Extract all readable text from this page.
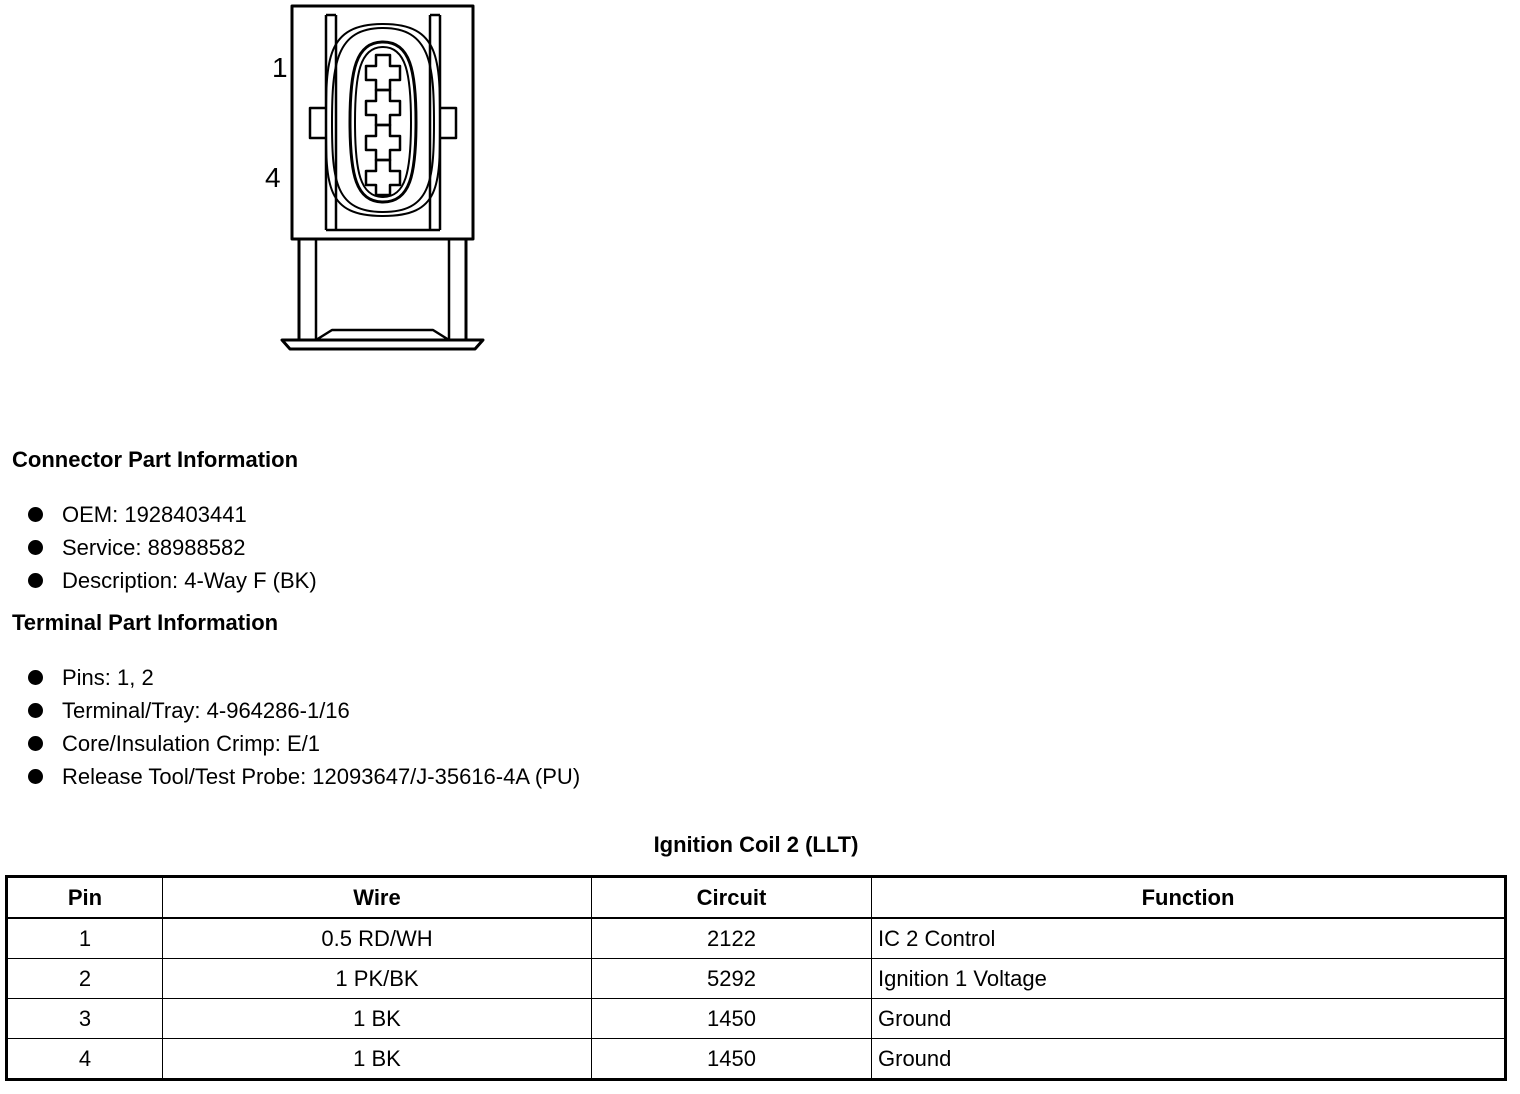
1
4
Connector Part Information
OEM: 1928403441
Service: 88988582
Description: 4-Way F (BK)
Terminal Part Information
Pins: 1, 2
Terminal/Tray: 4-964286-1/16
Core/Insulation Crimp: E/1
Release Tool/Test Probe: 12093647/J-35616-4A (PU)
Ignition Coil 2 (LLT)
Pin	Wire	Circuit	Function
1	0.5 RD/WH	2122	IC 2 Control
2	1 PK/BK	5292	Ignition 1 Voltage
3	1 BK	1450	Ground
4	1 BK	1450	Ground
